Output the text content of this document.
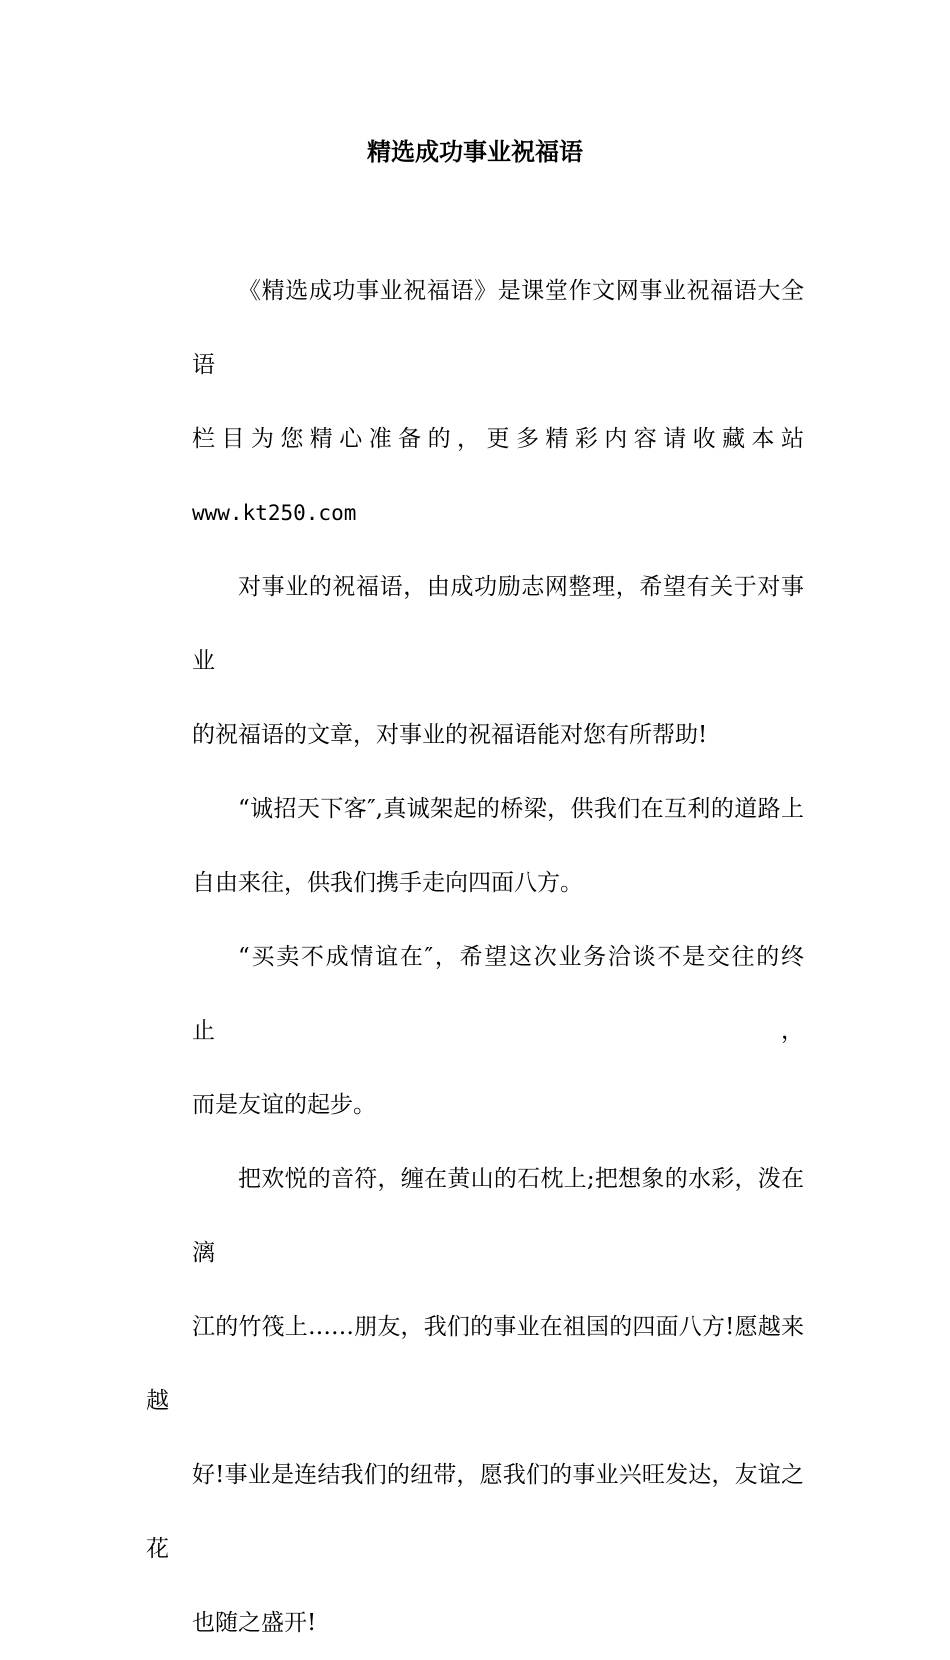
精选成功事业祝福语
《精选成功事业祝福语》是课堂作文网事业祝福语大全语
栏目为您精心准备的，更多精彩内容请收藏本站
www.kt250.com
对事业的祝福语，由成功励志网整理，希望有关于对事业
的祝福语的文章，对事业的祝福语能对您有所帮助!
“诚招天下客″,真诚架起的桥梁，供我们在互利的道路上
自由来往，供我们携手走向四面八方。
“买卖不成情谊在″，希望这次业务洽谈不是交往的终止，
而是友谊的起步。
把欢悦的音符，缠在黄山的石枕上;把想象的水彩，泼在漓
江的竹筏上……朋友，我们的事业在祖国的四面八方!愿越来越
好!事业是连结我们的纽带，愿我们的事业兴旺发达，友谊之花
也随之盛开!
